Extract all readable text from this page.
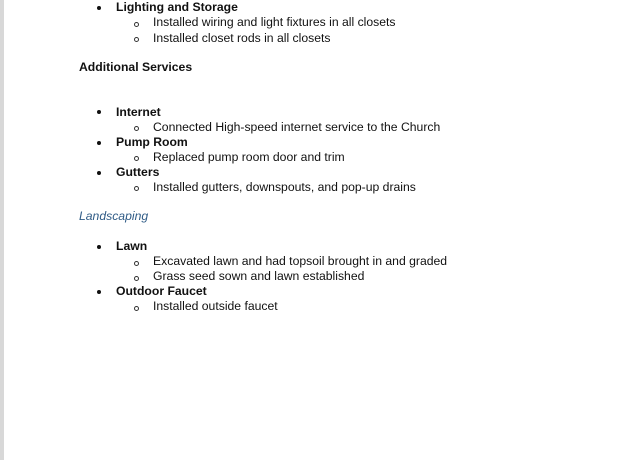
Lighting and Storage
Installed wiring and light fixtures in all closets
Installed closet rods in all closets
Additional Services
Internet
Connected High-speed internet service to the Church
Pump Room
Replaced pump room door and trim
Gutters
Installed gutters, downspouts, and pop-up drains
Landscaping
Lawn
Excavated lawn and had topsoil brought in and graded
Grass seed sown and lawn established
Outdoor Faucet
Installed outside faucet
